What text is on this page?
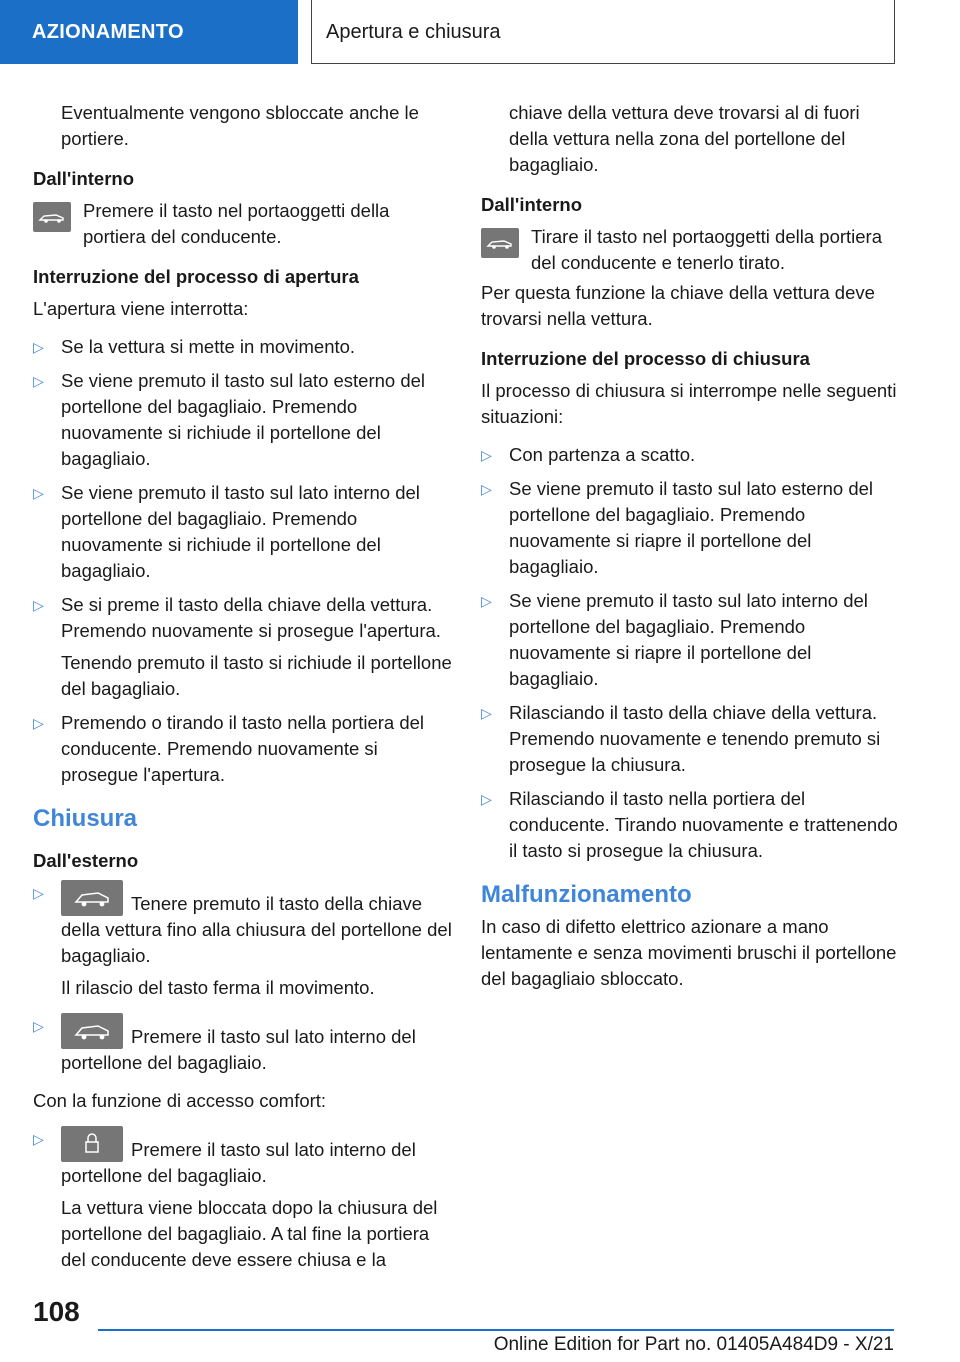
AZIONAMENTO	Apertura e chiusura

Eventualmente vengono sbloccate anche le portiere.

Dall'interno

Premere il tasto nel portaoggetti della portiera del conducente.

Interruzione del processo di apertura

L'apertura viene interrotta:

▷ Se la vettura si mette in movimento.
▷ Se viene premuto il tasto sul lato esterno del portellone del bagagliaio. Premendo nuovamente si richiude il portellone del bagagliaio.
▷ Se viene premuto il tasto sul lato interno del portellone del bagagliaio. Premendo nuovamente si richiude il portellone del bagagliaio.
▷ Se si preme il tasto della chiave della vettura. Premendo nuovamente si prosegue l'apertura.

Tenendo premuto il tasto si richiude il portellone del bagagliaio.

▷ Premendo o tirando il tasto nella portiera del conducente. Premendo nuovamente si prosegue l'apertura.

Chiusura

Dall'esterno

▷	Tenere premuto il tasto della chiave della vettura fino alla chiusura del portellone del bagagliaio.

Il rilascio del tasto ferma il movimento.

▷	Premere il tasto sul lato interno del portellone del bagagliaio.

Con la funzione di accesso comfort:

▷	Premere il tasto sul lato interno del portellone del bagagliaio.

La vettura viene bloccata dopo la chiusura del portellone del bagagliaio. A tal fine la portiera del conducente deve essere chiusa e la

chiave della vettura deve trovarsi al di fuori della vettura nella zona del portellone del bagagliaio.

Dall'interno

Tirare il tasto nel portaoggetti della portiera del conducente e tenerlo tirato.

Per questa funzione la chiave della vettura deve trovarsi nella vettura.

Interruzione del processo di chiusura

Il processo di chiusura si interrompe nelle seguenti situazioni:

▷ Con partenza a scatto.
▷ Se viene premuto il tasto sul lato esterno del portellone del bagagliaio. Premendo nuovamente si riapre il portellone del bagagliaio.
▷ Se viene premuto il tasto sul lato interno del portellone del bagagliaio. Premendo nuovamente si riapre il portellone del bagagliaio.
▷ Rilasciando il tasto della chiave della vettura. Premendo nuovamente e tenendo premuto si prosegue la chiusura.
▷ Rilasciando il tasto nella portiera del conducente. Tirando nuovamente e trattenendo il tasto si prosegue la chiusura.

Malfunzionamento

In caso di difetto elettrico azionare a mano lentamente e senza movimenti bruschi il portellone del bagagliaio sbloccato.

108
Online Edition for Part no. 01405A484D9 - X/21
